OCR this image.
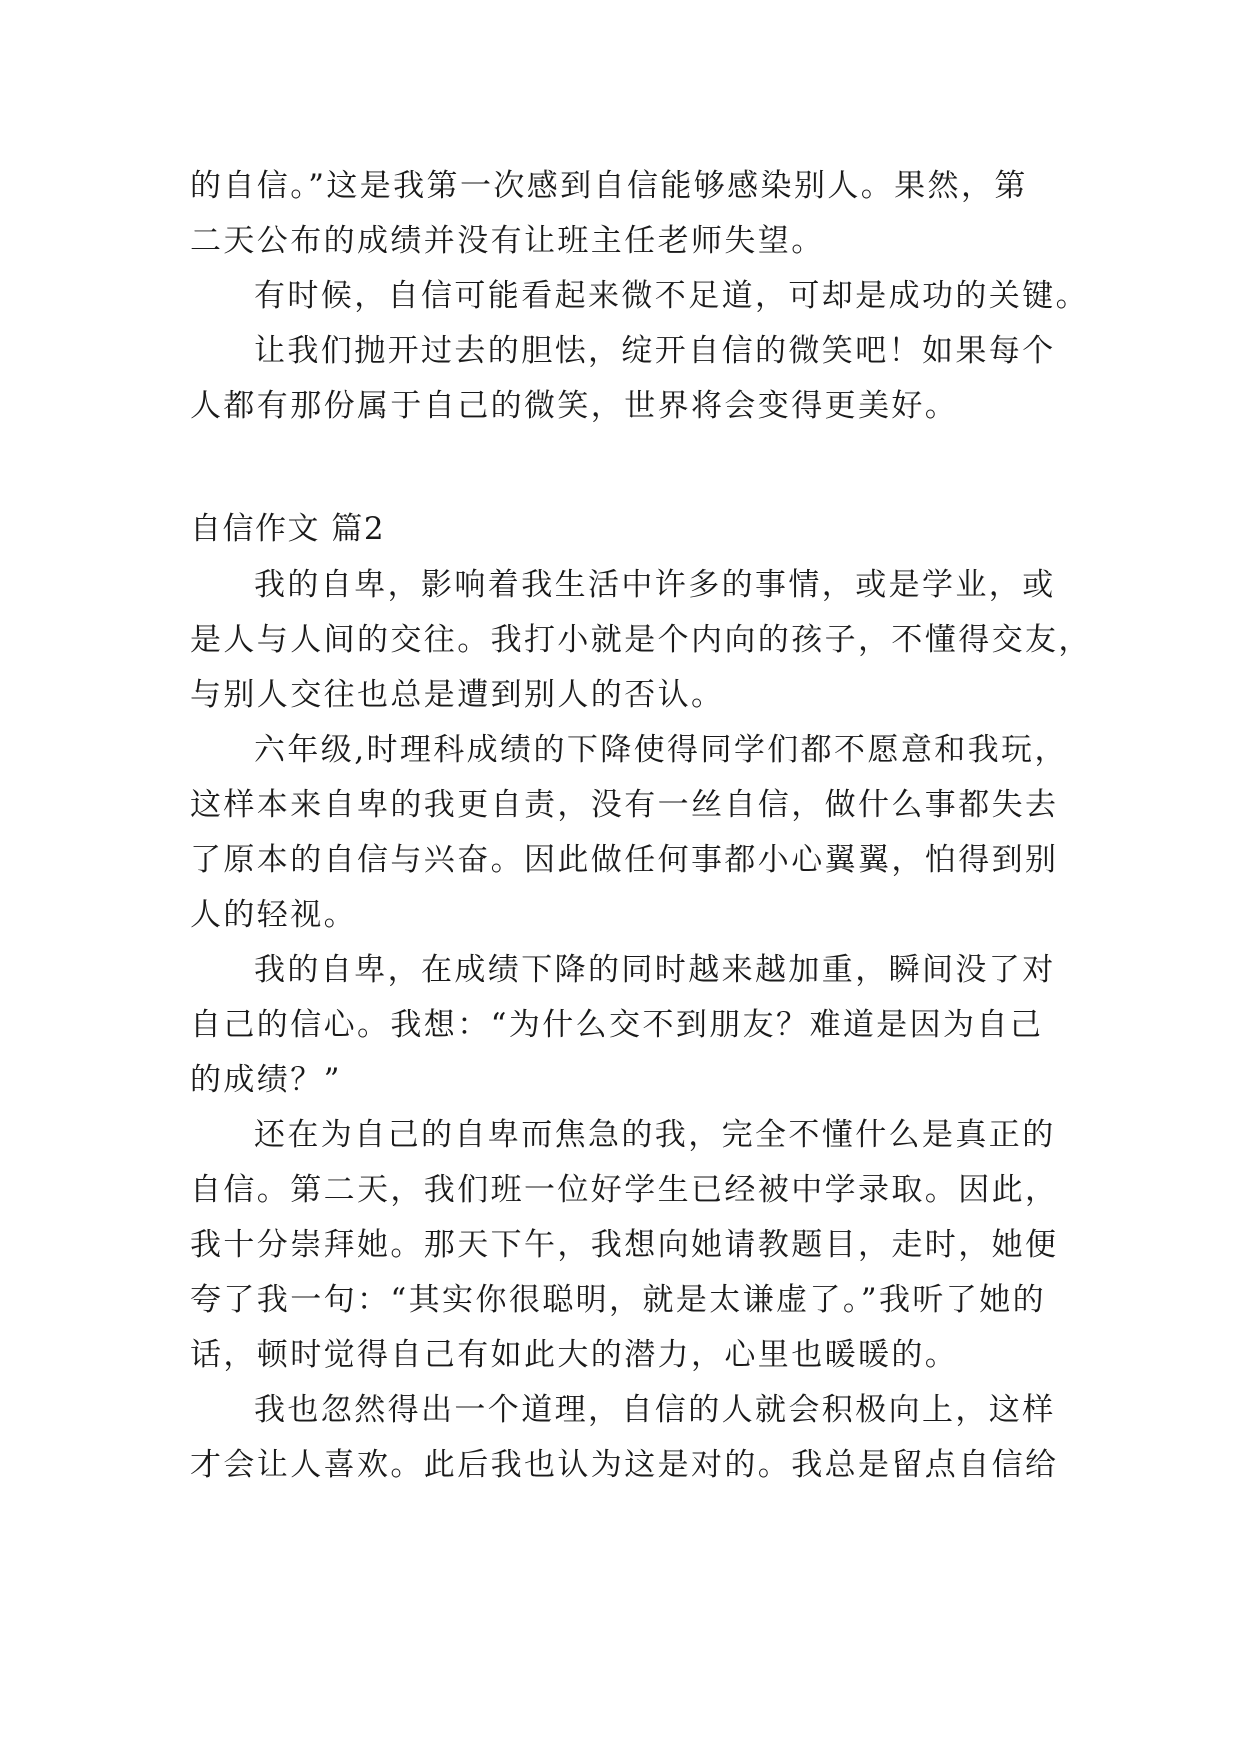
的自信。”这是我第一次感到自信能够感染别人。果然，第
二天公布的成绩并没有让班主任老师失望。
有时候，自信可能看起来微不足道，可却是成功的关键。
让我们抛开过去的胆怯，绽开自信的微笑吧！如果每个
人都有那份属于自己的微笑，世界将会变得更美好。
自信作文 篇2
我的自卑，影响着我生活中许多的事情，或是学业，或
是人与人间的交往。我打小就是个内向的孩子，不懂得交友，
与别人交往也总是遭到别人的否认。
六年级,时理科成绩的下降使得同学们都不愿意和我玩，
这样本来自卑的我更自责，没有一丝自信，做什么事都失去
了原本的自信与兴奋。因此做任何事都小心翼翼，怕得到别
人的轻视。
我的自卑，在成绩下降的同时越来越加重，瞬间没了对
自己的信心。我想：“为什么交不到朋友？难道是因为自己
的成绩？”
还在为自己的自卑而焦急的我，完全不懂什么是真正的
自信。第二天，我们班一位好学生已经被中学录取。因此，
我十分崇拜她。那天下午，我想向她请教题目，走时，她便
夸了我一句：“其实你很聪明，就是太谦虚了。”我听了她的
话，顿时觉得自己有如此大的潜力，心里也暖暖的。
我也忽然得出一个道理，自信的人就会积极向上，这样
才会让人喜欢。此后我也认为这是对的。我总是留点自信给
